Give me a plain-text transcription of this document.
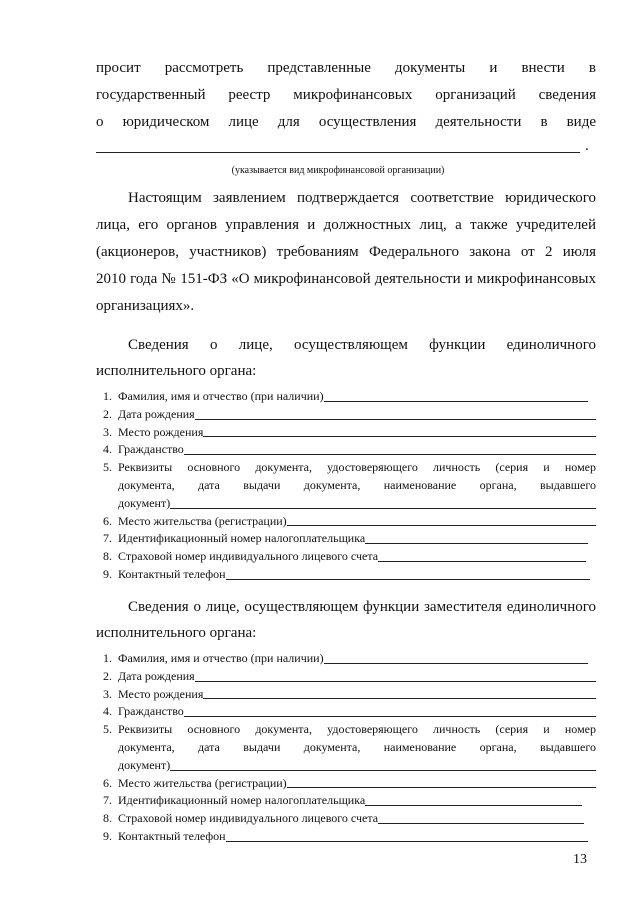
просит рассмотреть представленные документы и внести в
государственный реестр микрофинансовых организаций сведения
о юридическом лице для осуществления деятельности в виде
.
(указывается вид микрофинансовой организации)
Настоящим заявлением подтверждается соответствие юридического
лица, его органов управления и должностных лиц, а также учредителей
(акционеров, участников) требованиям Федерального закона от 2 июля
2010 года № 151-ФЗ «О микрофинансовой деятельности и микрофинансовых
организациях».
Сведения о лице, осуществляющем функции единоличного
исполнительного органа:
1. Фамилия, имя и отчество (при наличии)
2. Дата рождения
3. Место рождения
4. Гражданство
5. Реквизиты основного документа, удостоверяющего личность (серия и номер
документа, дата выдачи документа, наименование органа, выдавшего
документ)
6. Место жительства (регистрации)
7. Идентификационный номер налогоплательщика
8. Страховой номер индивидуального лицевого счета
9. Контактный телефон
Сведения о лице, осуществляющем функции заместителя единоличного
исполнительного органа:
1. Фамилия, имя и отчество (при наличии)
2. Дата рождения
3. Место рождения
4. Гражданство
5. Реквизиты основного документа, удостоверяющего личность (серия и номер
документа, дата выдачи документа, наименование органа, выдавшего
документ)
6. Место жительства (регистрации)
7. Идентификационный номер налогоплательщика
8. Страховой номер индивидуального лицевого счета
9. Контактный телефон
13
